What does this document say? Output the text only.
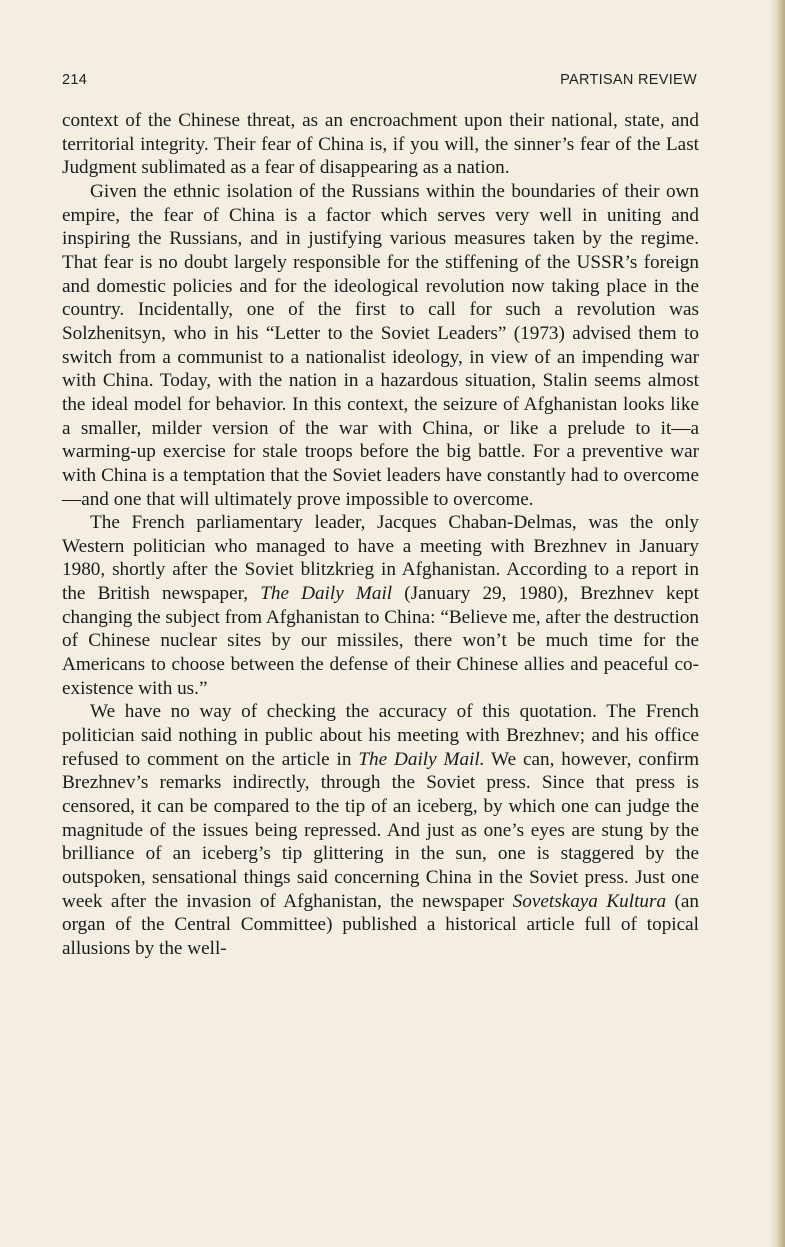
214	PARTISAN REVIEW

context of the Chinese threat, as an encroachment upon their national, state, and territorial integrity. Their fear of China is, if you will, the sinner’s fear of the Last Judgment sublimated as a fear of disappearing as a nation.

Given the ethnic isolation of the Russians within the boundaries of their own empire, the fear of China is a factor which serves very well in uniting and inspiring the Russians, and in justifying various measures taken by the regime. That fear is no doubt largely responsible for the stiffening of the USSR’s foreign and domestic policies and for the ideological revolution now taking place in the country. Incidentally, one of the first to call for such a revolution was Solzhenitsyn, who in his “Letter to the Soviet Leaders” (1973) advised them to switch from a communist to a nationalist ideology, in view of an impending war with China. Today, with the nation in a hazardous situation, Stalin seems almost the ideal model for behavior. In this context, the seizure of Afghanistan looks like a smaller, milder version of the war with China, or like a prelude to it—a warming-up exercise for stale troops before the big battle. For a preventive war with China is a temptation that the Soviet leaders have constantly had to overcome—and one that will ultimately prove impossible to overcome.

The French parliamentary leader, Jacques Chaban-Delmas, was the only Western politician who managed to have a meeting with Brezhnev in January 1980, shortly after the Soviet blitzkrieg in Afghanistan. According to a report in the British newspaper, The Daily Mail (January 29, 1980), Brezhnev kept changing the subject from Afghanistan to China: “Believe me, after the destruction of Chinese nuclear sites by our missiles, there won’t be much time for the Americans to choose between the defense of their Chinese allies and peaceful co-existence with us.”

We have no way of checking the accuracy of this quotation. The French politician said nothing in public about his meeting with Brezhnev; and his office refused to comment on the article in The Daily Mail. We can, however, confirm Brezhnev’s remarks indirectly, through the Soviet press. Since that press is censored, it can be compared to the tip of an iceberg, by which one can judge the magnitude of the issues being repressed. And just as one’s eyes are stung by the brilliance of an iceberg’s tip glittering in the sun, one is staggered by the outspoken, sensational things said concerning China in the Soviet press. Just one week after the invasion of Afghanistan, the newspaper Sovetskaya Kultura (an organ of the Central Committee) published a historical article full of topical allusions by the well-
